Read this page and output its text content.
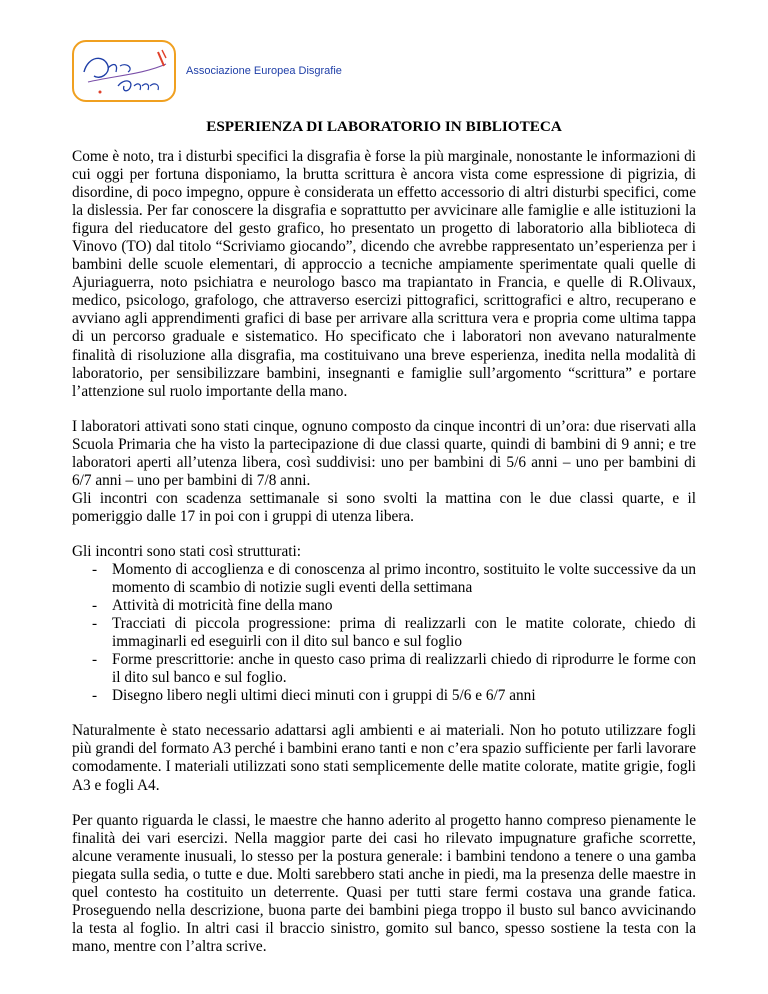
Associazione Europea Disgrafie
ESPERIENZA DI LABORATORIO IN BIBLIOTECA

Come è noto, tra i disturbi specifici la disgrafia è forse la più marginale, nonostante le informazioni di cui oggi per fortuna disponiamo, la brutta scrittura è ancora vista come espressione di pigrizia, di disordine, di poco impegno, oppure è considerata un effetto accessorio di altri disturbi specifici, come la dislessia. Per far conoscere la disgrafia e soprattutto per avvicinare alle famiglie e alle istituzioni la figura del rieducatore del gesto grafico, ho presentato un progetto di laboratorio alla biblioteca di Vinovo (TO) dal titolo “Scriviamo giocando”, dicendo che avrebbe rappresentato un’esperienza per i bambini delle scuole elementari, di approccio a tecniche ampiamente sperimentate quali quelle di Ajuriaguerra, noto psichiatra e neurologo basco ma trapiantato in Francia, e quelle di R.Olivaux, medico, psicologo, grafologo, che attraverso esercizi pittografici, scrittografici e altro, recuperano e avviano agli apprendimenti grafici di base per arrivare alla scrittura vera e propria come ultima tappa di un percorso graduale e sistematico. Ho specificato che i laboratori non avevano naturalmente finalità di risoluzione alla disgrafia, ma costituivano una breve esperienza, inedita nella modalità di laboratorio, per sensibilizzare bambini, insegnanti e famiglie sull’argomento “scrittura” e portare l’attenzione sul ruolo importante della mano.

I laboratori attivati sono stati cinque, ognuno composto da cinque incontri di un’ora: due riservati alla Scuola Primaria che ha visto la partecipazione di due classi quarte, quindi di bambini di 9 anni; e tre laboratori aperti all’utenza libera, così suddivisi: uno per bambini di 5/6 anni – uno per bambini di 6/7 anni – uno per bambini di 7/8 anni.

Gli incontri con scadenza settimanale si sono svolti la mattina con le due classi quarte, e il pomeriggio dalle 17 in poi con i gruppi di utenza libera.

Gli incontri sono stati così strutturati:

- Momento di accoglienza e di conoscenza al primo incontro, sostituito le volte successive da un momento di scambio di notizie sugli eventi della settimana
- Attività di motricità fine della mano
- Tracciati di piccola progressione: prima di realizzarli con le matite colorate, chiedo di immaginarli ed eseguirli con il dito sul banco e sul foglio
- Forme prescrittorie: anche in questo caso prima di realizzarli chiedo di riprodurre le forme con il dito sul banco e sul foglio.
- Disegno libero negli ultimi dieci minuti con i gruppi di 5/6 e 6/7 anni

Naturalmente è stato necessario adattarsi agli ambienti e ai materiali. Non ho potuto utilizzare fogli più grandi del formato A3 perché i bambini erano tanti e non c’era spazio sufficiente per farli lavorare comodamente. I materiali utilizzati sono stati semplicemente delle matite colorate, matite grigie, fogli A3 e fogli A4.

Per quanto riguarda le classi, le maestre che hanno aderito al progetto hanno compreso pienamente le finalità dei vari esercizi. Nella maggior parte dei casi ho rilevato impugnature grafiche scorrette, alcune veramente inusuali, lo stesso per la postura generale: i bambini tendono a tenere o una gamba piegata sulla sedia, o tutte e due. Molti sarebbero stati anche in piedi, ma la presenza delle maestre in quel contesto ha costituito un deterrente. Quasi per tutti stare fermi costava una grande fatica. Proseguendo nella descrizione, buona parte dei bambini piega troppo il busto sul banco avvicinando la testa al foglio. In altri casi il braccio sinistro, gomito sul banco, spesso sostiene la testa con la mano, mentre con l’altra scrive.
